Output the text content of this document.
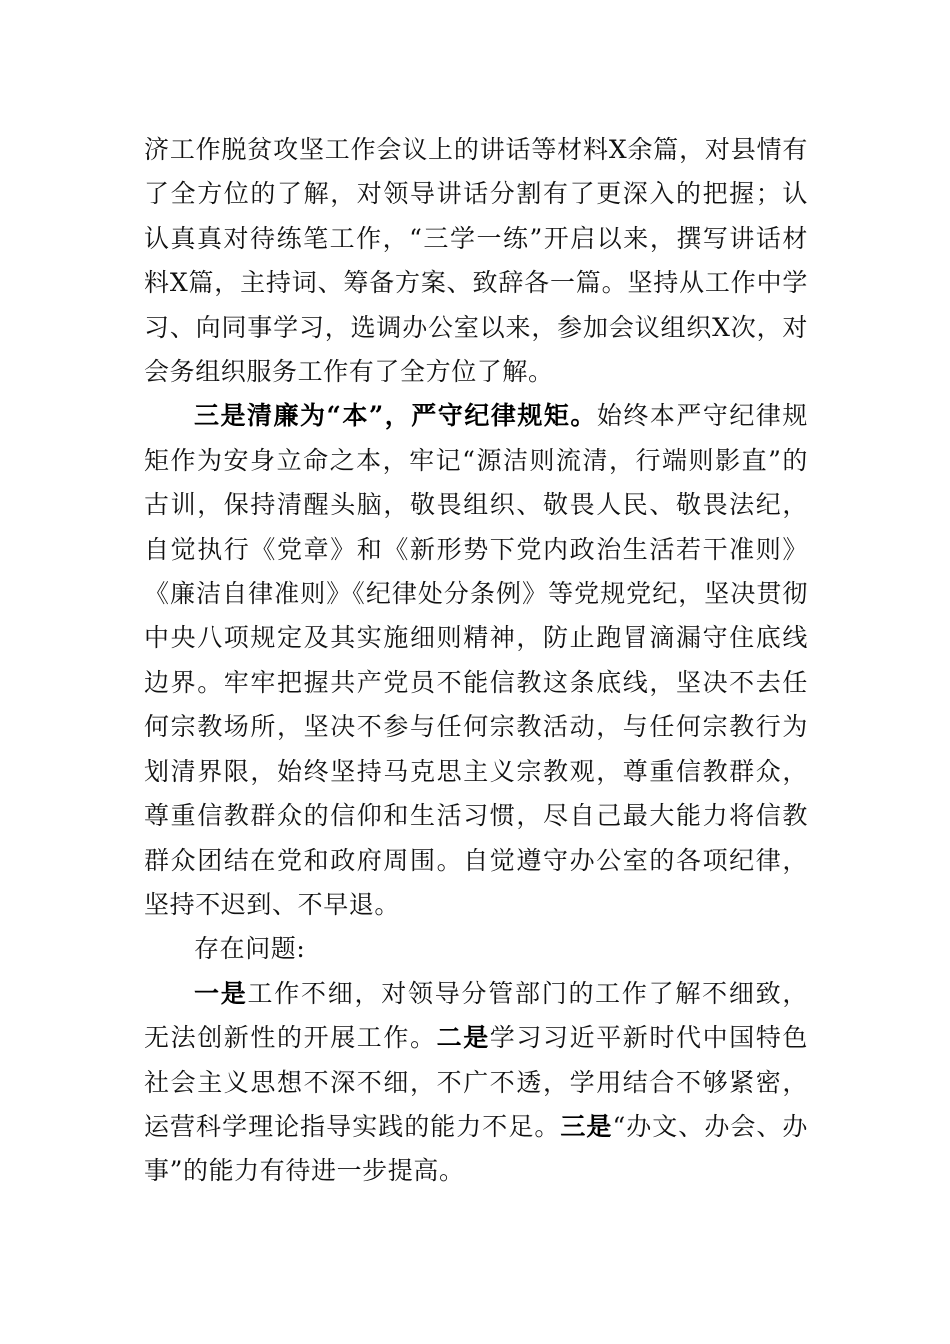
济工作脱贫攻坚工作会议上的讲话等材料X余篇，对县情有了全方位的了解，对领导讲话分割有了更深入的把握；认认真真对待练笔工作，“三学一练”开启以来，撰写讲话材料X篇，主持词、筹备方案、致辞各一篇。坚持从工作中学习、向同事学习，选调办公室以来，参加会议组织X次，对会务组织服务工作有了全方位了解。

三是清廉为“本”，严守纪律规矩。始终本严守纪律规矩作为安身立命之本，牢记“源洁则流清，行端则影直”的古训，保持清醒头脑，敬畏组织、敬畏人民、敬畏法纪，自觉执行《党章》和《新形势下党内政治生活若干准则》《廉洁自律准则》《纪律处分条例》等党规党纪，坚决贯彻中央八项规定及其实施细则精神，防止跑冒滴漏守住底线边界。牢牢把握共产党员不能信教这条底线，坚决不去任何宗教场所，坚决不参与任何宗教活动，与任何宗教行为划清界限，始终坚持马克思主义宗教观，尊重信教群众，尊重信教群众的信仰和生活习惯，尽自己最大能力将信教群众团结在党和政府周围。自觉遵守办公室的各项纪律，坚持不迟到、不早退。

存在问题:

一是工作不细，对领导分管部门的工作了解不细致，无法创新性的开展工作。二是学习习近平新时代中国特色社会主义思想不深不细，不广不透，学用结合不够紧密，运营科学理论指导实践的能力不足。三是“办文、办会、办事”的能力有待进一步提高。
